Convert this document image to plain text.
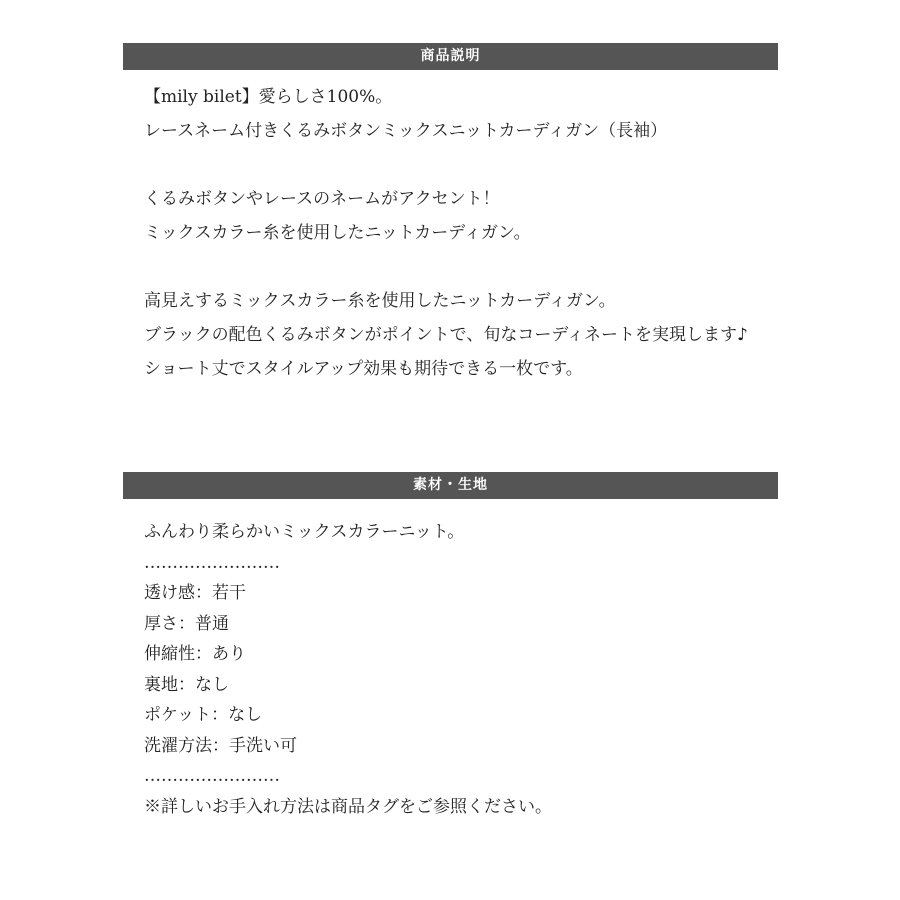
商品説明
【mily bilet】愛らしさ100%。
レースネーム付きくるみボタンミックスニットカーディガン（長袖）
くるみボタンやレースのネームがアクセント！
ミックスカラー糸を使用したニットカーディガン。
高見えするミックスカラー糸を使用したニットカーディガン。
ブラックの配色くるみボタンがポイントで、旬なコーディネートを実現します♪
ショート丈でスタイルアップ効果も期待できる一枚です。
素材・生地
ふんわり柔らかいミックスカラーニット。
……………………
透け感：若干
厚さ：普通
伸縮性：あり
裏地：なし
ポケット：なし
洗濯方法：手洗い可
……………………
※詳しいお手入れ方法は商品タグをご参照ください。
